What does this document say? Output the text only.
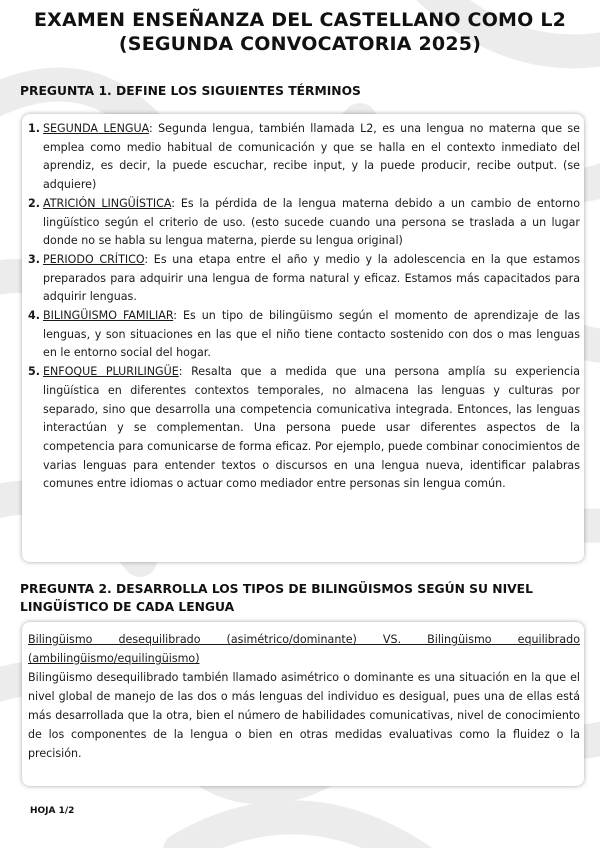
EXAMEN ENSEÑANZA DEL CASTELLANO COMO L2
(SEGUNDA CONVOCATORIA 2025)
PREGUNTA 1. DEFINE LOS SIGUIENTES TÉRMINOS
1. SEGUNDA LENGUA: Segunda lengua, también llamada L2, es una lengua no materna que se emplea como medio habitual de comunicación y que se halla en el contexto inmediato del aprendiz, es decir, la puede escuchar, recibe input, y la puede producir, recibe output. (se adquiere)
2. ATRICIÓN LINGÜÍSTICA: Es la pérdida de la lengua materna debido a un cambio de entorno lingüístico según el criterio de uso. (esto sucede cuando una persona se traslada a un lugar donde no se habla su lengua materna, pierde su lengua original)
3. PERIODO CRÍTICO: Es una etapa entre el año y medio y la adolescencia en la que estamos preparados para adquirir una lengua de forma natural y eficaz. Estamos más capacitados para adquirir lenguas.
4. BILINGÜISMO FAMILIAR: Es un tipo de bilingüismo según el momento de aprendizaje de las lenguas, y son situaciones en las que el niño tiene contacto sostenido con dos o mas lenguas en le entorno social del hogar.
5. ENFOQUE PLURILINGÜE: Resalta que a medida que una persona amplía su experiencia lingüística en diferentes contextos temporales, no almacena las lenguas y culturas por separado, sino que desarrolla una competencia comunicativa integrada. Entonces, las lenguas interactúan y se complementan. Una persona puede usar diferentes aspectos de la competencia para comunicarse de forma eficaz. Por ejemplo, puede combinar conocimientos de varias lenguas para entender textos o discursos en una lengua nueva, identificar palabras comunes entre idiomas o actuar como mediador entre personas sin lengua común.
PREGUNTA 2. DESARROLLA LOS TIPOS DE BILINGÜISMOS SEGÚN SU NIVEL
LINGÜÍSTICO DE CADA LENGUA
Bilingüismo desequilibrado (asimétrico/dominante) VS. Bilingüismo equilibrado (ambilingüismo/equilingüismo)
Bilingüismo desequilibrado también llamado asimétrico o dominante es una situación en la que el nivel global de manejo de las dos o más lenguas del individuo es desigual, pues una de ellas está más desarrollada que la otra, bien el número de habilidades comunicativas, nivel de conocimiento de los componentes de la lengua o bien en otras medidas evaluativas como la fluidez o la precisión.
HOJA 1/2
